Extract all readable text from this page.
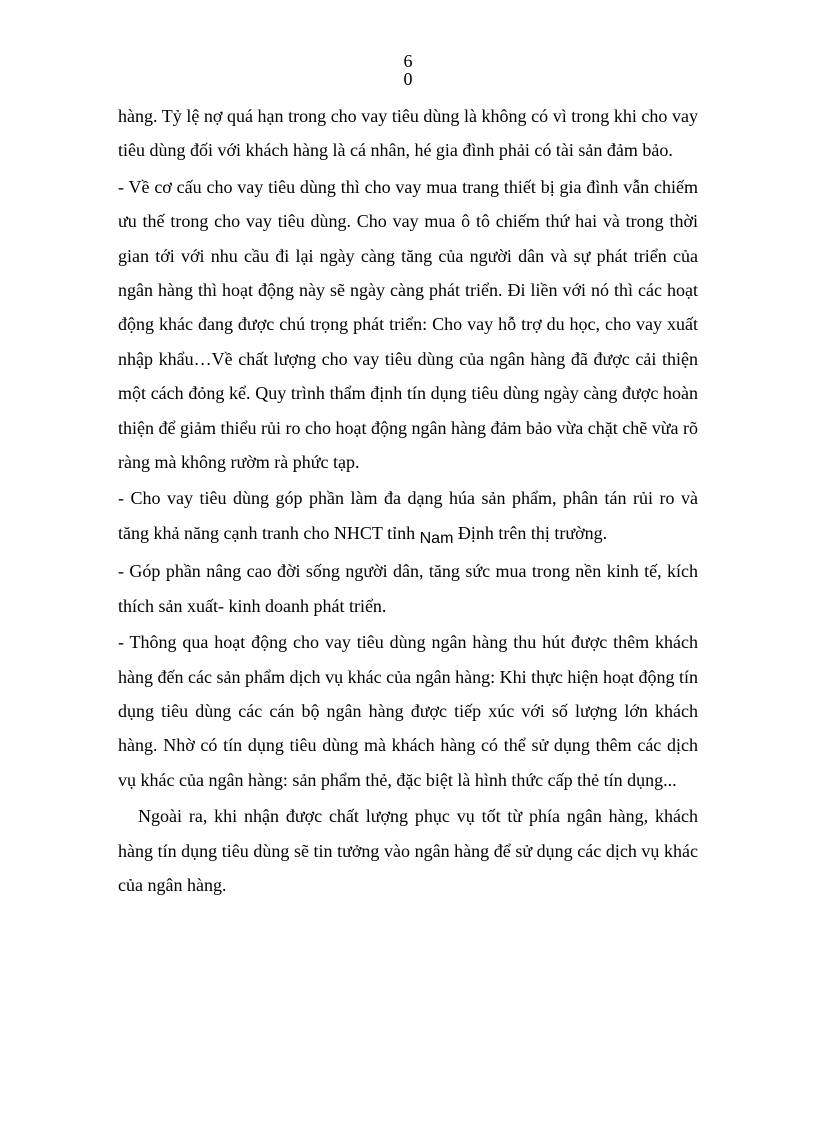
6
0

hàng. Tỷ lệ nợ quá hạn trong cho vay tiêu dùng là không có vì trong khi cho vay tiêu dùng đối với khách hàng là cá nhân, hé gia đình phải có tài sản đảm bảo.

- Về cơ cấu cho vay tiêu dùng thì cho vay mua trang thiết bị gia đình vẫn chiếm ưu thế trong cho vay tiêu dùng. Cho vay mua ô tô chiếm thứ hai và trong thời gian tới với nhu cầu đi lại ngày càng tăng của người dân và sự phát triển của ngân hàng thì hoạt động này sẽ ngày càng phát triển. Đi liền với nó thì các hoạt động khác đang được chú trọng phát triển: Cho vay hỗ trợ du học, cho vay xuất nhập khẩu…Về chất lượng cho vay tiêu dùng của ngân hàng đã được cải thiện một cách đỏng kể. Quy trình thẩm định tín dụng tiêu dùng ngày càng được hoàn thiện để giảm thiểu rủi ro cho hoạt động ngân hàng đảm bảo vừa chặt chẽ vừa rõ ràng mà không rườm rà phức tạp.

- Cho vay tiêu dùng góp phần làm đa dạng húa sản phẩm, phân tán rủi ro và tăng khả năng cạnh tranh cho NHCT tỉnh Nam Định trên thị trường.

- Góp phần nâng cao đời sống người dân, tăng sức mua trong nền kinh tế, kích thích sản xuất- kinh doanh phát triển.

- Thông qua hoạt động cho vay tiêu dùng ngân hàng thu hút được thêm khách hàng đến các sản phẩm dịch vụ khác của ngân hàng: Khi thực hiện hoạt động tín dụng tiêu dùng các cán bộ ngân hàng được tiếp xúc với số lượng lớn khách hàng. Nhờ có tín dụng tiêu dùng mà khách hàng có thể sử dụng thêm các dịch vụ khác của ngân hàng: sản phẩm thẻ, đặc biệt là hình thức cấp thẻ tín dụng...

Ngoài ra, khi nhận được chất lượng phục vụ tốt từ phía ngân hàng, khách hàng tín dụng tiêu dùng sẽ tin tưởng vào ngân hàng để sử dụng các dịch vụ khác của ngân hàng.
